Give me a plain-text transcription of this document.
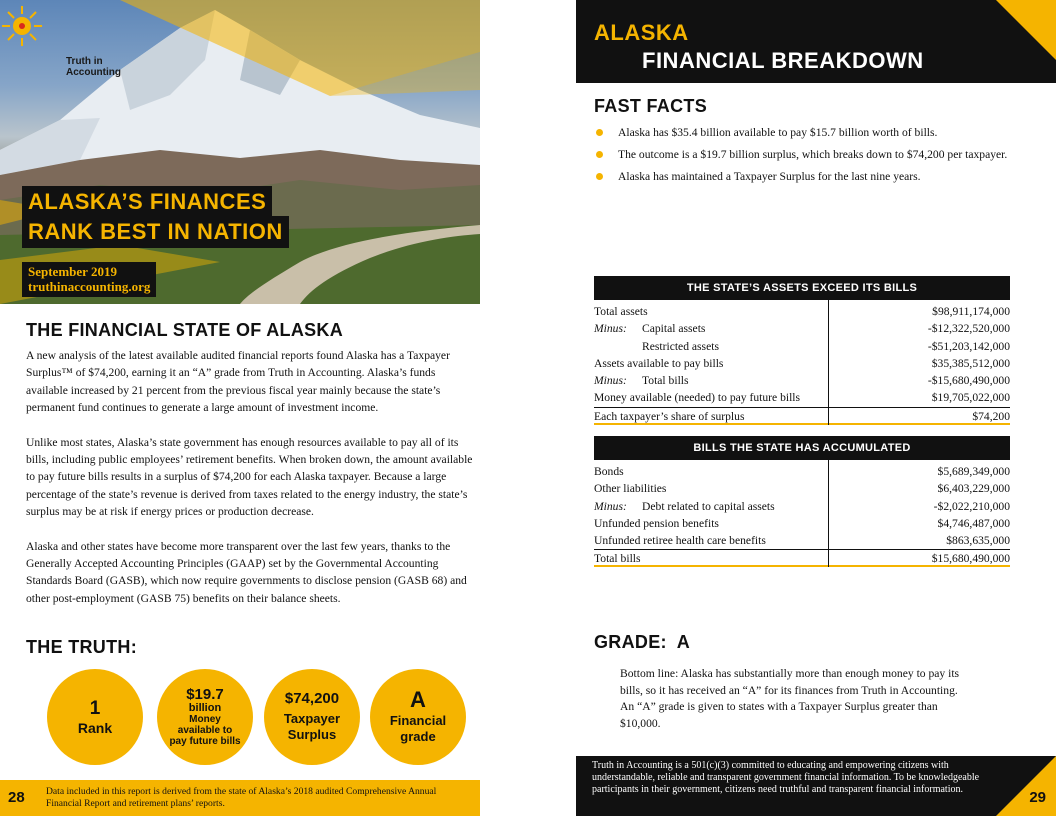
Truth in
Accounting
ALASKA’S FINANCES
RANK BEST IN NATION
September 2019
truthinaccounting.org
THE FINANCIAL STATE OF ALASKA

A new analysis of the latest available audited financial reports found Alaska has a Taxpayer Surplus™ of $74,200, earning it an “A” grade from Truth in Accounting. Alaska’s funds available increased by 21 percent from the previous fiscal year mainly because the state’s permanent fund continues to generate a large amount of investment income.

Unlike most states, Alaska’s state government has enough resources available to pay all of its bills, including public employees’ retirement benefits. When broken down, the amount available to pay future bills results in a surplus of $74,200 for each Alaska taxpayer. Because a large percentage of the state’s revenue is derived from taxes related to the energy industry, the state’s surplus may be at risk if energy prices or production decrease.

Alaska and other states have become more transparent over the last few years, thanks to the Generally Accepted Accounting Principles (GAAP) set by the Governmental Accounting Standards Board (GASB), which now require governments to disclose pension (GASB 68) and other post-employment (GASB 75) benefits on their balance sheets.

THE TRUTH:
1
Rank
$19.7
billion
Money available to pay future bills
$74,200
Taxpayer
Surplus
A
Financial
grade
28 Data included in this report is derived from the state of Alaska’s 2018 audited Comprehensive Annual Financial Report and retirement plans’ reports.
ALASKA
FINANCIAL BREAKDOWN
FAST FACTS
Alaska has $35.4 billion available to pay $15.7 billion worth of bills.
The outcome is a $19.7 billion surplus, which breaks down to $74,200 per taxpayer.
Alaska has maintained a Taxpayer Surplus for the last nine years.
THE STATE’S ASSETS EXCEED ITS BILLS
Total assets	$98,911,174,000
Minus: Capital assets	-$12,322,520,000
Restricted assets	-$51,203,142,000
Assets available to pay bills	$35,385,512,000
Minus: Total bills	-$15,680,490,000
Money available (needed) to pay future bills	$19,705,022,000
Each taxpayer’s share of surplus	$74,200
BILLS THE STATE HAS ACCUMULATED
Bonds	$5,689,349,000
Other liabilities	$6,403,229,000
Minus: Debt related to capital assets	-$2,022,210,000
Unfunded pension benefits	$4,746,487,000
Unfunded retiree health care benefits	$863,635,000
Total bills	$15,680,490,000
GRADE:  A
Bottom line: Alaska has substantially more than enough money to pay its bills, so it has received an “A” for its finances from Truth in Accounting. An “A” grade is given to states with a Taxpayer Surplus greater than $10,000.
Truth in Accounting is a 501(c)(3) committed to educating and empowering citizens with understandable, reliable and transparent government financial information. To be knowledgeable participants in their government, citizens need truthful and transparent financial information.	29
